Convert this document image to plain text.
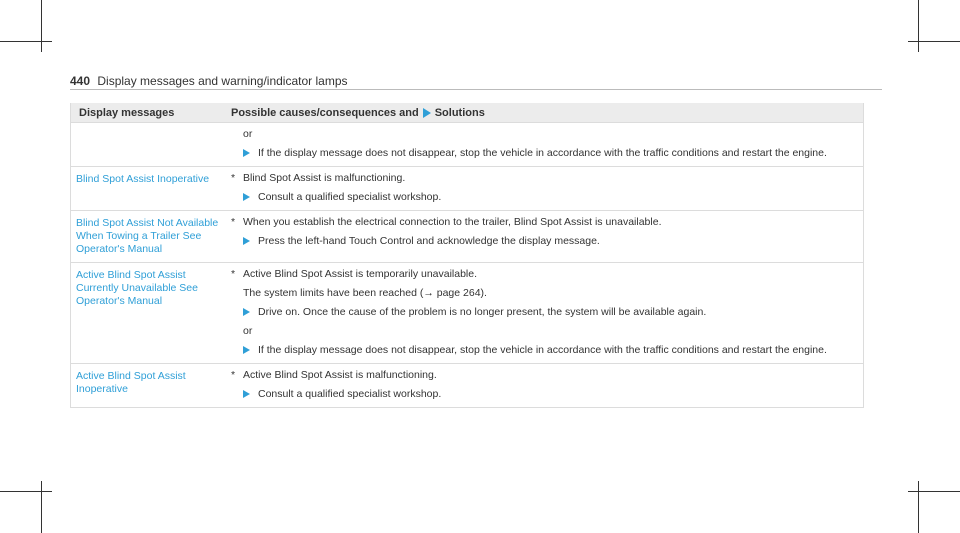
440 Display messages and warning/indicator lamps
Display messages	Possible causes/consequences and Solutions
or
If the display message does not disappear, stop the vehicle in accordance with the traffic conditions and restart the engine.
Blind Spot Assist Inoperative	* Blind Spot Assist is malfunctioning.
Consult a qualified specialist workshop.
Blind Spot Assist Not Available When Towing a Trailer See Operator's Manual
* When you establish the electrical connection to the trailer, Blind Spot Assist is unavailable.
Press the left-hand Touch Control and acknowledge the display message.
Active Blind Spot Assist Currently Unavailable See Operator's Manual
* Active Blind Spot Assist is temporarily unavailable.
The system limits have been reached (→ page 264).
Drive on. Once the cause of the problem is no longer present, the system will be available again.
or
If the display message does not disappear, stop the vehicle in accordance with the traffic conditions and restart the engine.
Active Blind Spot Assist Inoperative
* Active Blind Spot Assist is malfunctioning.
Consult a qualified specialist workshop.
